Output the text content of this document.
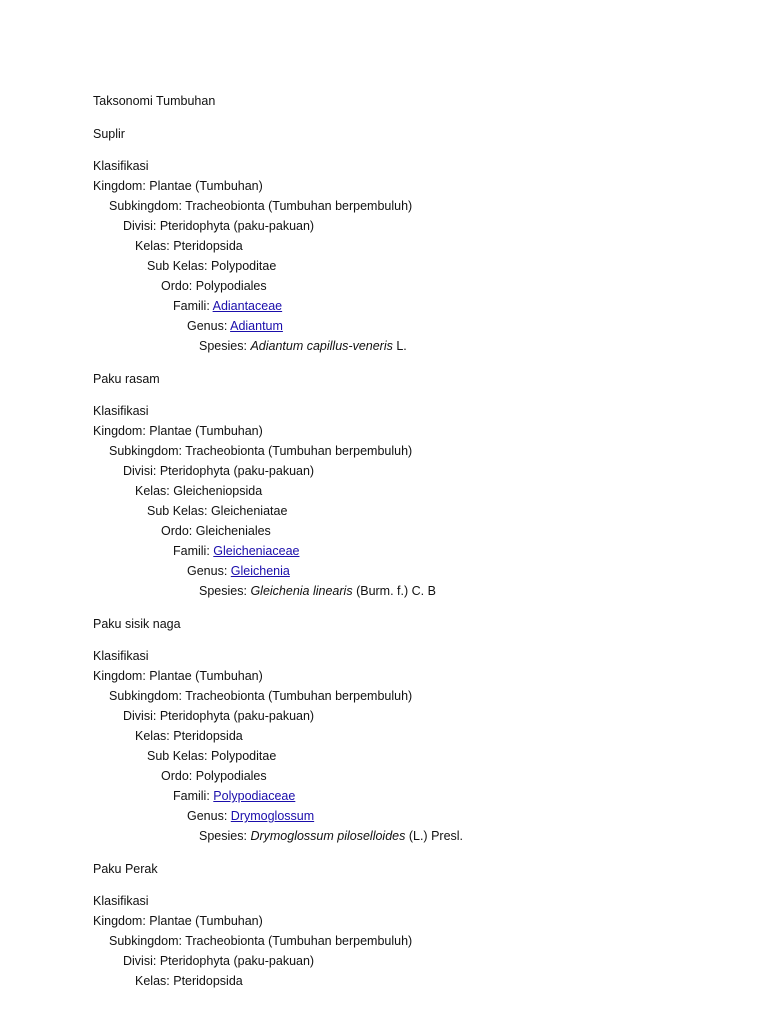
Taksonomi Tumbuhan
Suplir
Klasifikasi
Kingdom: Plantae (Tumbuhan)
Subkingdom: Tracheobionta (Tumbuhan berpembuluh)
Divisi: Pteridophyta (paku-pakuan)
Kelas: Pteridopsida
Sub Kelas: Polypoditae
Ordo: Polypodiales
Famili: Adiantaceae
Genus: Adiantum
Spesies: Adiantum capillus-veneris L.
Paku rasam
Klasifikasi
Kingdom: Plantae (Tumbuhan)
Subkingdom: Tracheobionta (Tumbuhan berpembuluh)
Divisi: Pteridophyta (paku-pakuan)
Kelas: Gleicheniopsida
Sub Kelas: Gleicheniatae
Ordo: Gleicheniales
Famili: Gleicheniaceae
Genus: Gleichenia
Spesies: Gleichenia linearis (Burm. f.) C. B
Paku sisik naga
Klasifikasi
Kingdom: Plantae (Tumbuhan)
Subkingdom: Tracheobionta (Tumbuhan berpembuluh)
Divisi: Pteridophyta (paku-pakuan)
Kelas: Pteridopsida
Sub Kelas: Polypoditae
Ordo: Polypodiales
Famili: Polypodiaceae
Genus: Drymoglossum
Spesies: Drymoglossum piloselloides (L.) Presl.
Paku Perak
Klasifikasi
Kingdom: Plantae (Tumbuhan)
Subkingdom: Tracheobionta (Tumbuhan berpembuluh)
Divisi: Pteridophyta (paku-pakuan)
Kelas: Pteridopsida
